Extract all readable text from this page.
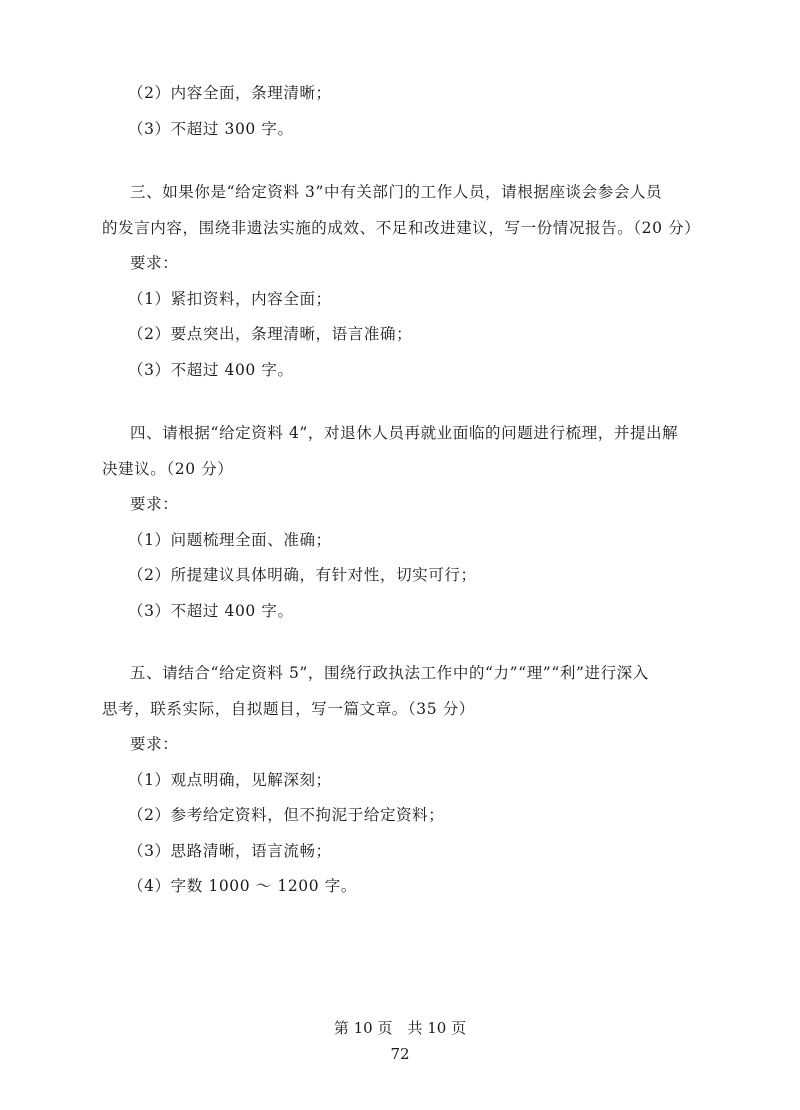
（2）内容全面，条理清晰；
（3）不超过 300 字。
三、如果你是“给定资料 3”中有关部门的工作人员，请根据座谈会参会人员
的发言内容，围绕非遗法实施的成效、不足和改进建议，写一份情况报告。（20 分）
要求：
（1）紧扣资料，内容全面；
（2）要点突出，条理清晰，语言准确；
（3）不超过 400 字。
四、请根据“给定资料 4”，对退休人员再就业面临的问题进行梳理，并提出解
决建议。（20 分）
要求：
（1）问题梳理全面、准确；
（2）所提建议具体明确，有针对性，切实可行；
（3）不超过 400 字。
五、请结合“给定资料 5”，围绕行政执法工作中的“力”“理”“利”进行深入
思考，联系实际，自拟题目，写一篇文章。（35 分）
要求：
（1）观点明确，见解深刻；
（2）参考给定资料，但不拘泥于给定资料；
（3）思路清晰，语言流畅；
（4）字数 1000 ～ 1200 字。
第 10 页　共 10 页
72
